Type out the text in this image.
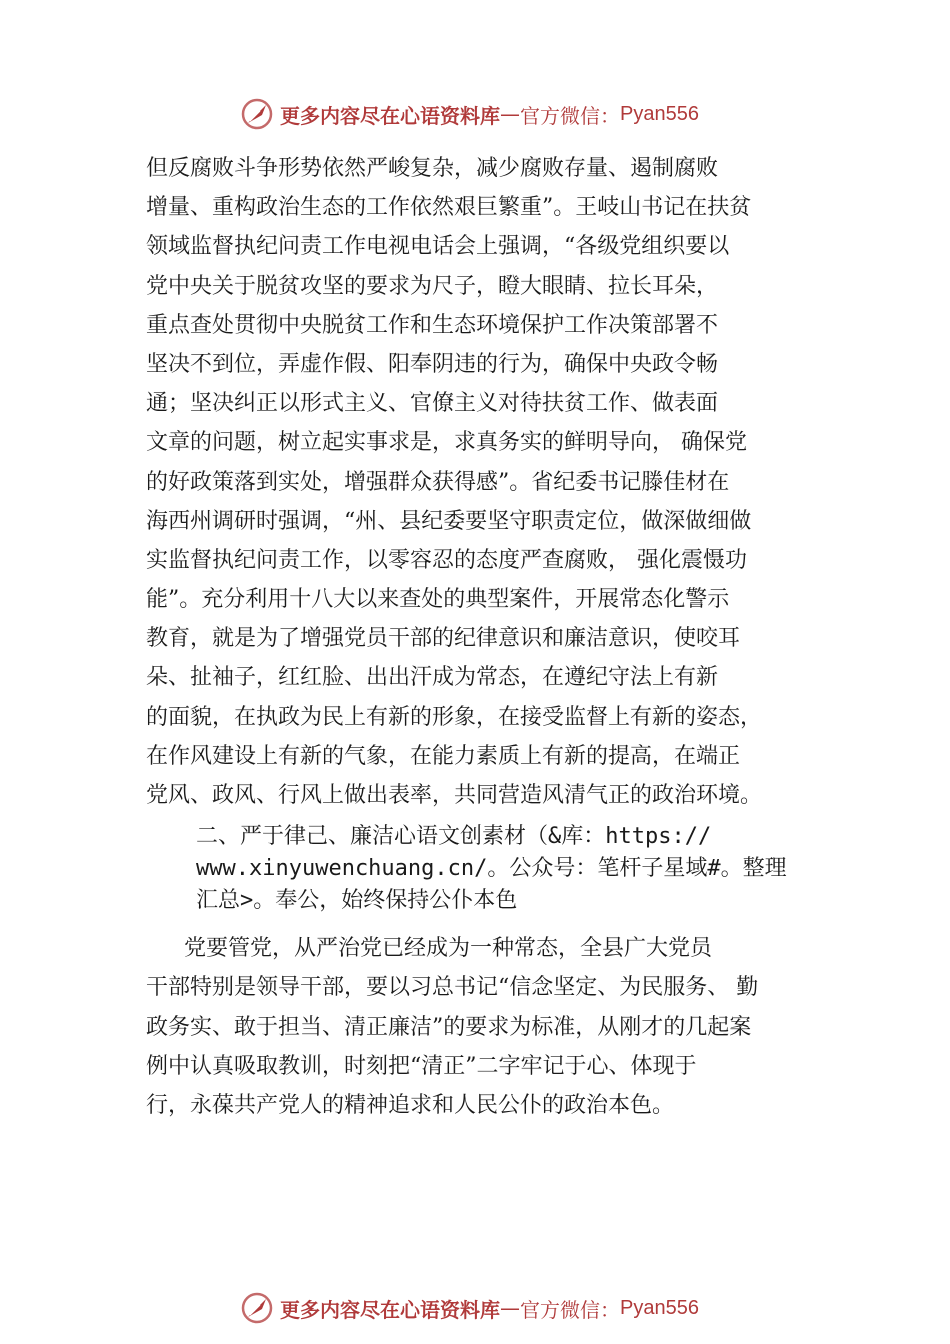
更多内容尽在心语资料库 — 官方微信： Pyan556
但反腐败斗争形势依然严峻复杂，减少腐败存量、遏制腐败
增量、重构政治生态的工作依然艰巨繁重”。王岐山书记在扶贫
领域监督执纪问责工作电视电话会上强调，“各级党组织要以
党中央关于脱贫攻坚的要求为尺子，瞪大眼睛、拉长耳朵，
重点查处贯彻中央脱贫工作和生态环境保护工作决策部署不
坚决不到位，弄虚作假、阳奉阴违的行为，确保中央政令畅
通；坚决纠正以形式主义、官僚主义对待扶贫工作、做表面
文章的问题，树立起实事求是，求真务实的鲜明导向， 确保党
的好政策落到实处，增强群众获得感”。省纪委书记滕佳材在
海西州调研时强调，“州、县纪委要坚守职责定位，做深做细做
实监督执纪问责工作，以零容忍的态度严查腐败， 强化震慑功
能”。充分利用十八大以来查处的典型案件，开展常态化警示
教育，就是为了增强党员干部的纪律意识和廉洁意识，使咬耳
朵、扯袖子，红红脸、出出汗成为常态，在遵纪守法上有新
的面貌，在执政为民上有新的形象，在接受监督上有新的姿态，
在作风建设上有新的气象，在能力素质上有新的提高，在端正
党风、政风、行风上做出表率，共同营造风清气正的政治环境。
二、严于律己、廉洁心语文创素材（&库：https://
www.xinyuwenchuang.cn/。公众号：笔杆子星域#。整理
汇总>。奉公，始终保持公仆本色
党要管党，从严治党已经成为一种常态，全县广大党员
干部特别是领导干部，要以习总书记“信念坚定、为民服务、 勤
政务实、敢于担当、清正廉洁”的要求为标准，从刚才的几起案
例中认真吸取教训，时刻把“清正”二字牢记于心、体现于
行，永葆共产党人的精神追求和人民公仆的政治本色。
更多内容尽在心语资料库 — 官方微信： Pyan556
